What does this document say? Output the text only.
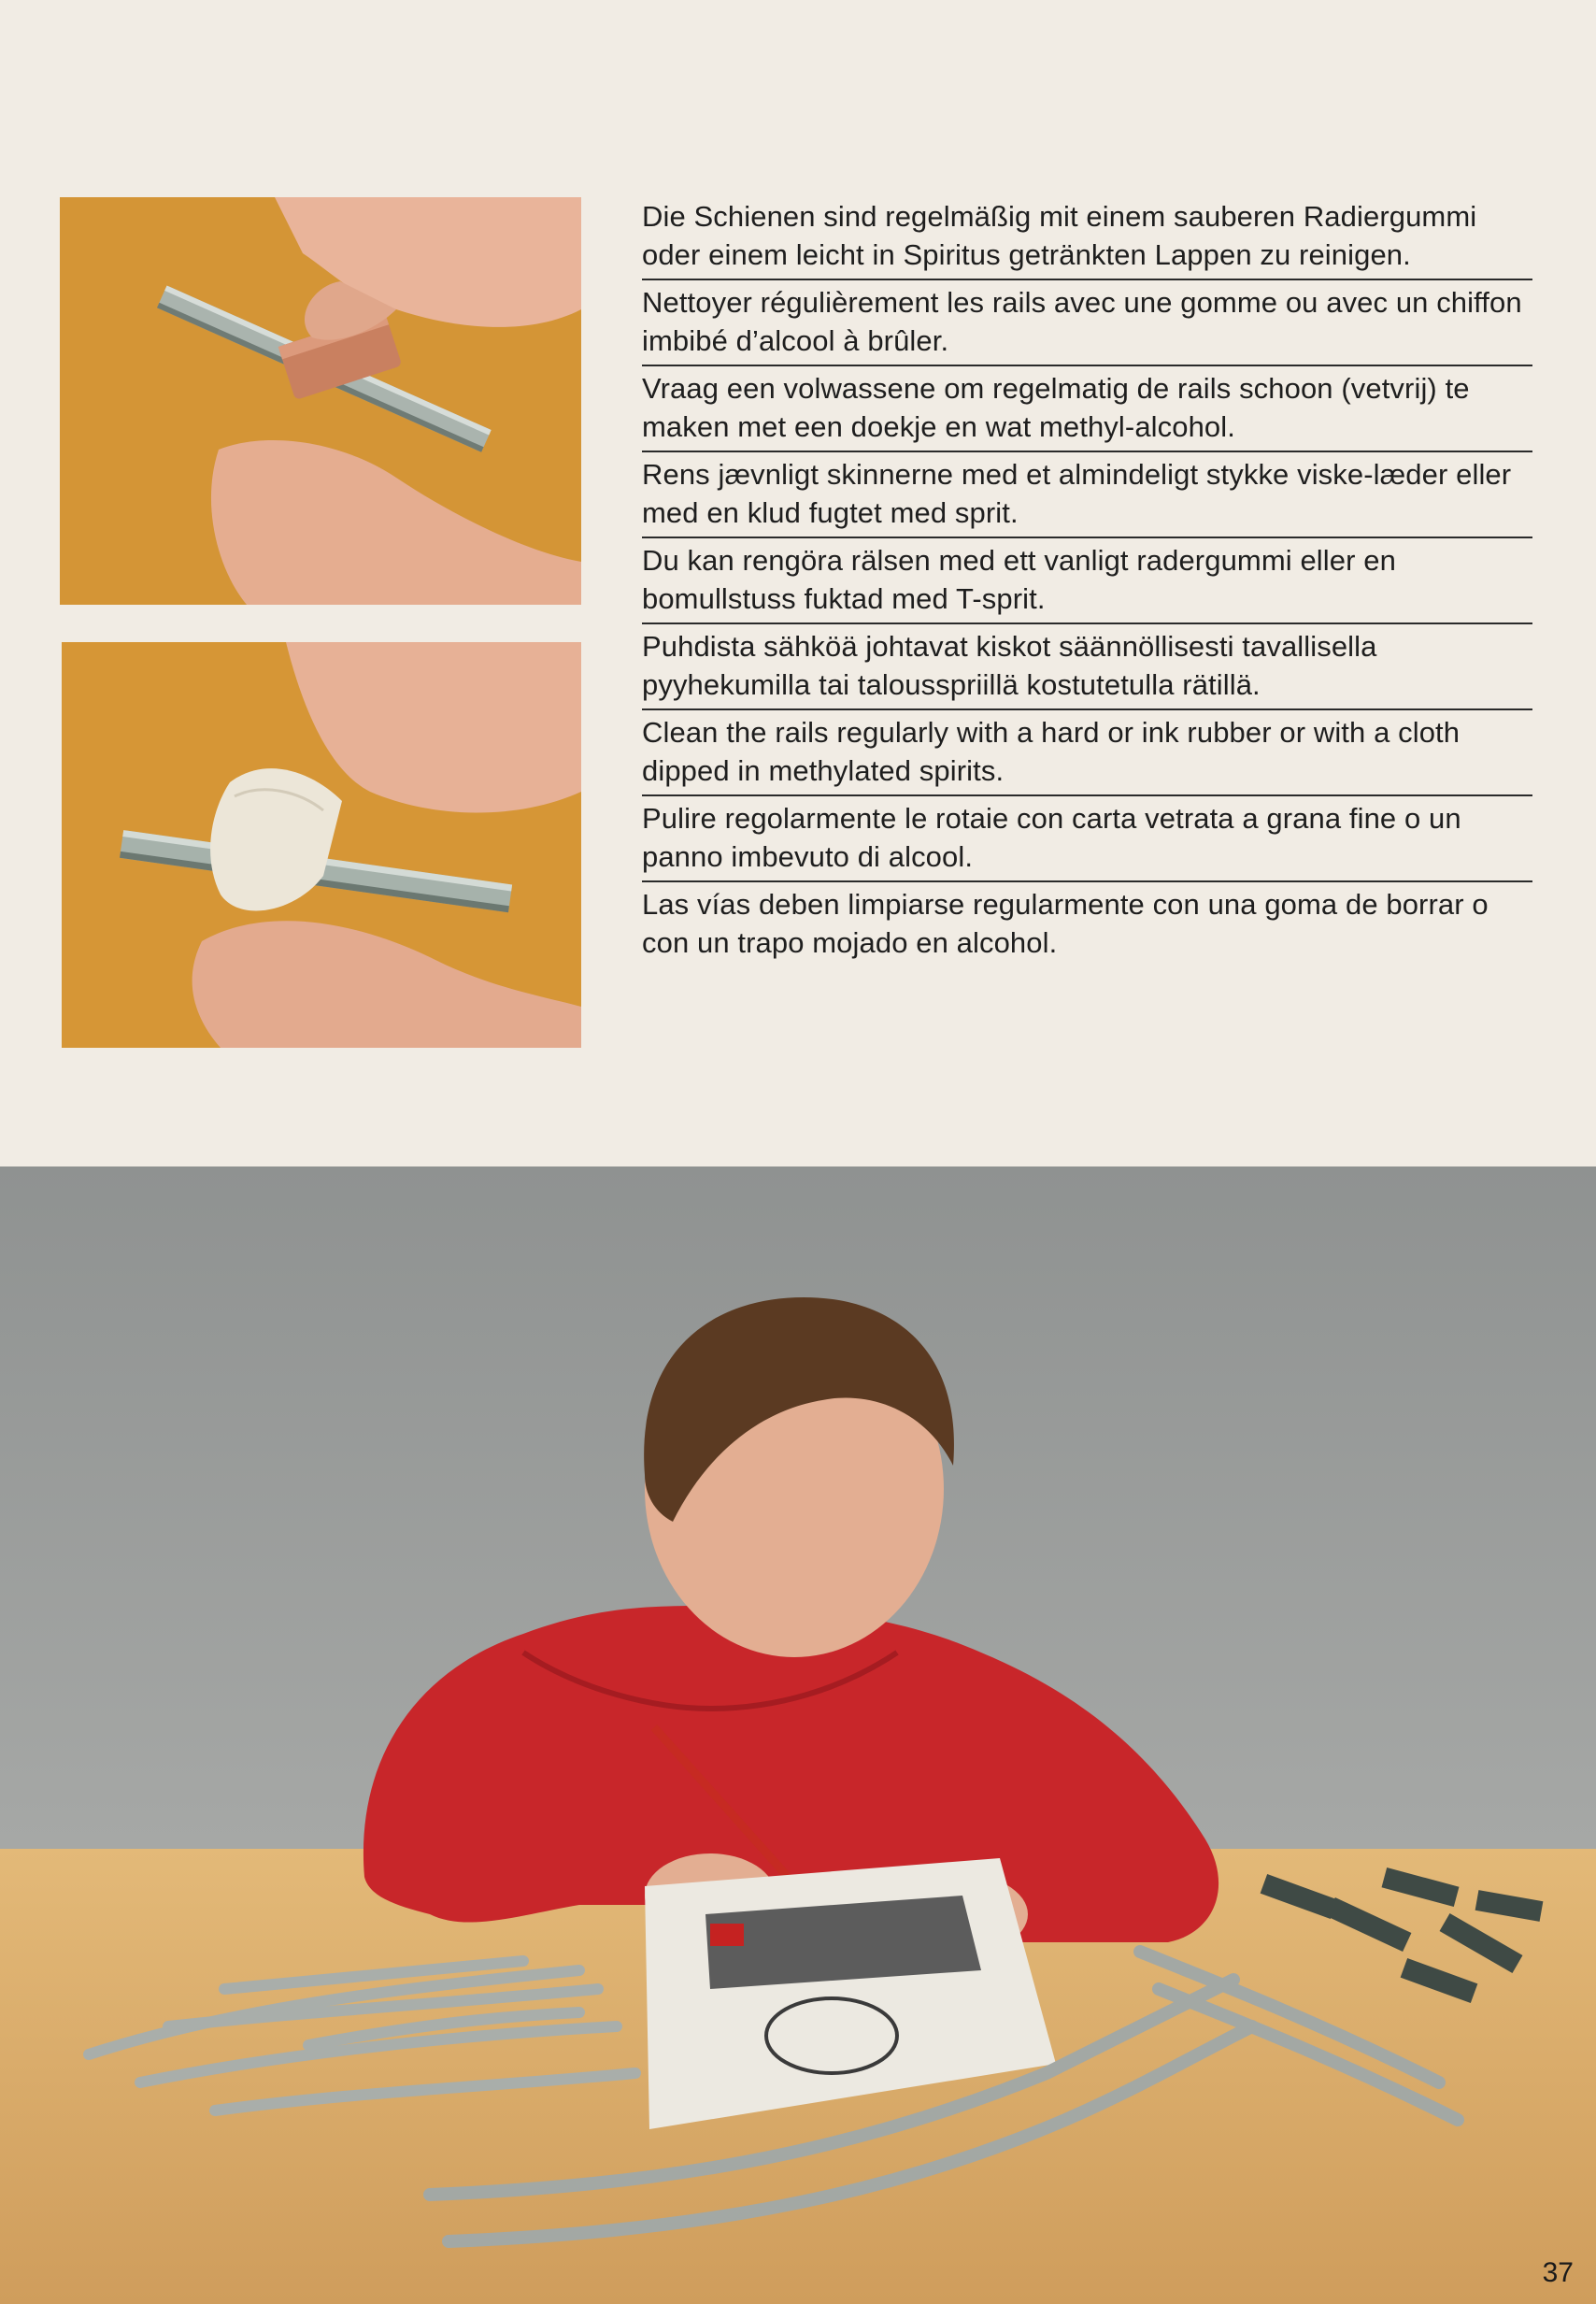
Die Schienen sind regelmäßig mit einem sauberen Radiergummi oder einem leicht in Spiritus getränkten Lappen zu reinigen.
Nettoyer régulièrement les rails avec une gomme ou avec un chiffon imbibé d’alcool à brûler.
Vraag een volwassene om regelmatig de rails schoon (vetvrij) te maken met een doekje en wat methyl-alcohol.
Rens jævnligt skinnerne med et almindeligt stykke viske-læder eller med en klud fugtet med sprit.
Du kan rengöra rälsen med ett vanligt radergummi eller en bomullstuss fuktad med T-sprit.
Puhdista sähköä johtavat kiskot säännöllisesti tavallisella pyyhekumilla tai talousspriillä kostutetulla rätillä.
Clean the rails regularly with a hard or ink rubber or with a cloth dipped in methylated spirits.
Pulire regolarmente le rotaie con carta vetrata a grana fine o un panno imbevuto di alcool.
Las vías deben limpiarse regularmente con una goma de borrar o con un trapo mojado en alcohol.
37
